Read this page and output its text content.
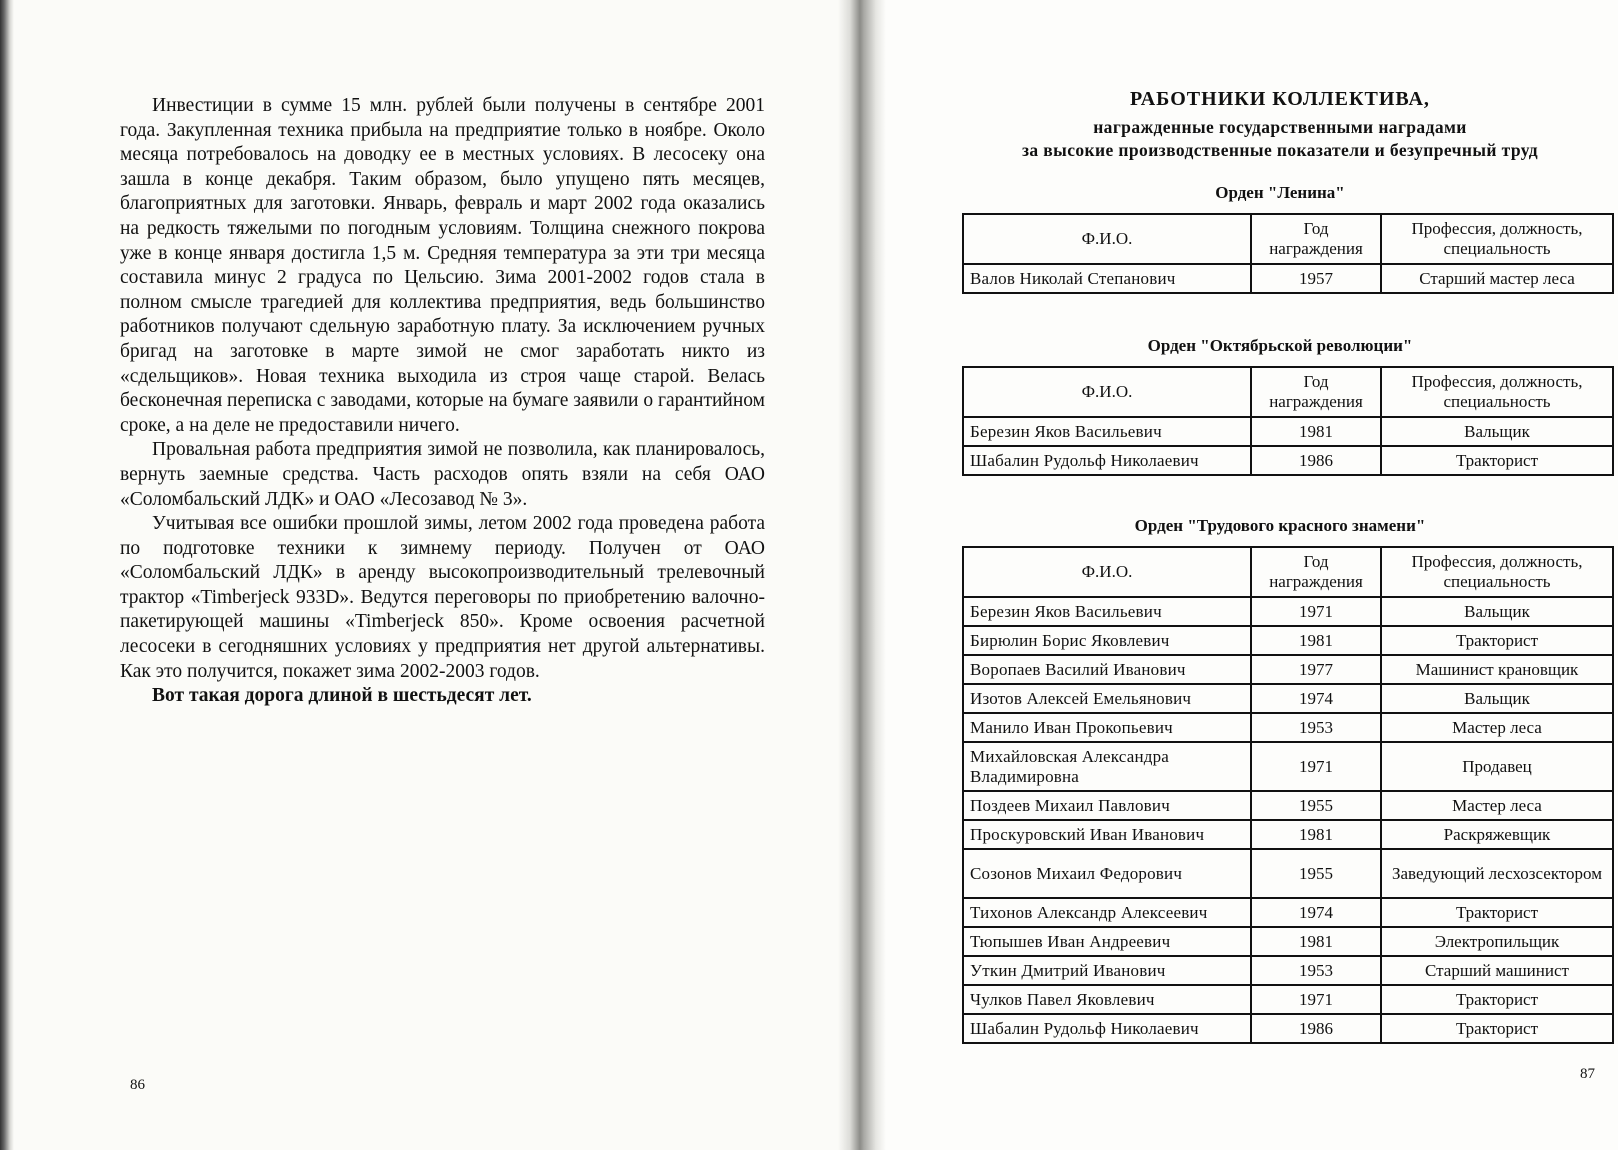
Инвестиции в сумме 15 млн. рублей были получены в сентябре 2001 года. Закупленная техника прибыла на предприятие только в ноябре. Около месяца потребовалось на доводку ее в местных условиях. В лесосеку она зашла в конце декабря. Таким образом, было упущено пять месяцев, благоприятных для заготовки. Январь, февраль и март 2002 года оказались на редкость тяжелыми по погодным условиям. Толщина снежного покрова уже в конце января достигла 1,5 м. Средняя температура за эти три месяца составила минус 2 градуса по Цельсию. Зима 2001-2002 годов стала в полном смысле трагедией для коллектива предприятия, ведь большинство работников получают сдельную заработную плату. За исключением ручных бригад на заготовке в марте зимой не смог заработать никто из «сдельщиков». Новая техника выходила из строя чаще старой. Велась бесконечная переписка с заводами, которые на бумаге заявили о гарантийном сроке, а на деле не предоставили ничего.

Провальная работа предприятия зимой не позволила, как планировалось, вернуть заемные средства. Часть расходов опять взяли на себя ОАО «Соломбальский ЛДК» и ОАО «Лесозавод № 3».

Учитывая все ошибки прошлой зимы, летом 2002 года проведена работа по подготовке техники к зимнему периоду. Получен от ОАО «Соломбальский ЛДК» в аренду высокопроизводительный трелевочный трактор «Timberjeck 933D». Ведутся переговоры по приобретению валочно-пакетирующей машины «Timberjeck 850». Кроме освоения расчетной лесосеки в сегодняшних условиях у предприятия нет другой альтернативы. Как это получится, покажет зима 2002-2003 годов.

Вот такая дорога длиной в шестьдесят лет.

86
РАБОТНИКИ КОЛЛЕКТИВА,
награжденные государственными наградами
за высокие производственные показатели и безупречный труд
Орден "Ленина"
Ф.И.О.	Год награждения	Профессия, должность, специальность
Валов Николай Степанович	1957	Старший мастер леса
Орден "Октябрьской революции"
Ф.И.О.	Год награждения	Профессия, должность, специальность
Березин Яков Васильевич	1981	Вальщик
Шабалин Рудольф Николаевич	1986	Тракторист
Орден "Трудового красного знамени"
Ф.И.О.	Год награждения	Профессия, должность, специальность
Березин Яков Васильевич	1971	Вальщик
Бирюлин Борис Яковлевич	1981	Тракторист
Воропаев Василий Иванович	1977	Машинист крановщик
Изотов Алексей Емельянович	1974	Вальщик
Манило Иван Прокопьевич	1953	Мастер леса
Михайловская Александра Владимировна	1971	Продавец
Поздеев Михаил Павлович	1955	Мастер леса
Проскуровский Иван Иванович	1981	Раскряжевщик
Созонов Михаил Федорович	1955	Заведующий лесхозсектором
Тихонов Александр Алексеевич	1974	Тракторист
Тюпышев Иван Андреевич	1981	Электропильщик
Уткин Дмитрий Иванович	1953	Старший машинист
Чулков Павел Яковлевич	1971	Тракторист
Шабалин Рудольф Николаевич	1986	Тракторист
87
